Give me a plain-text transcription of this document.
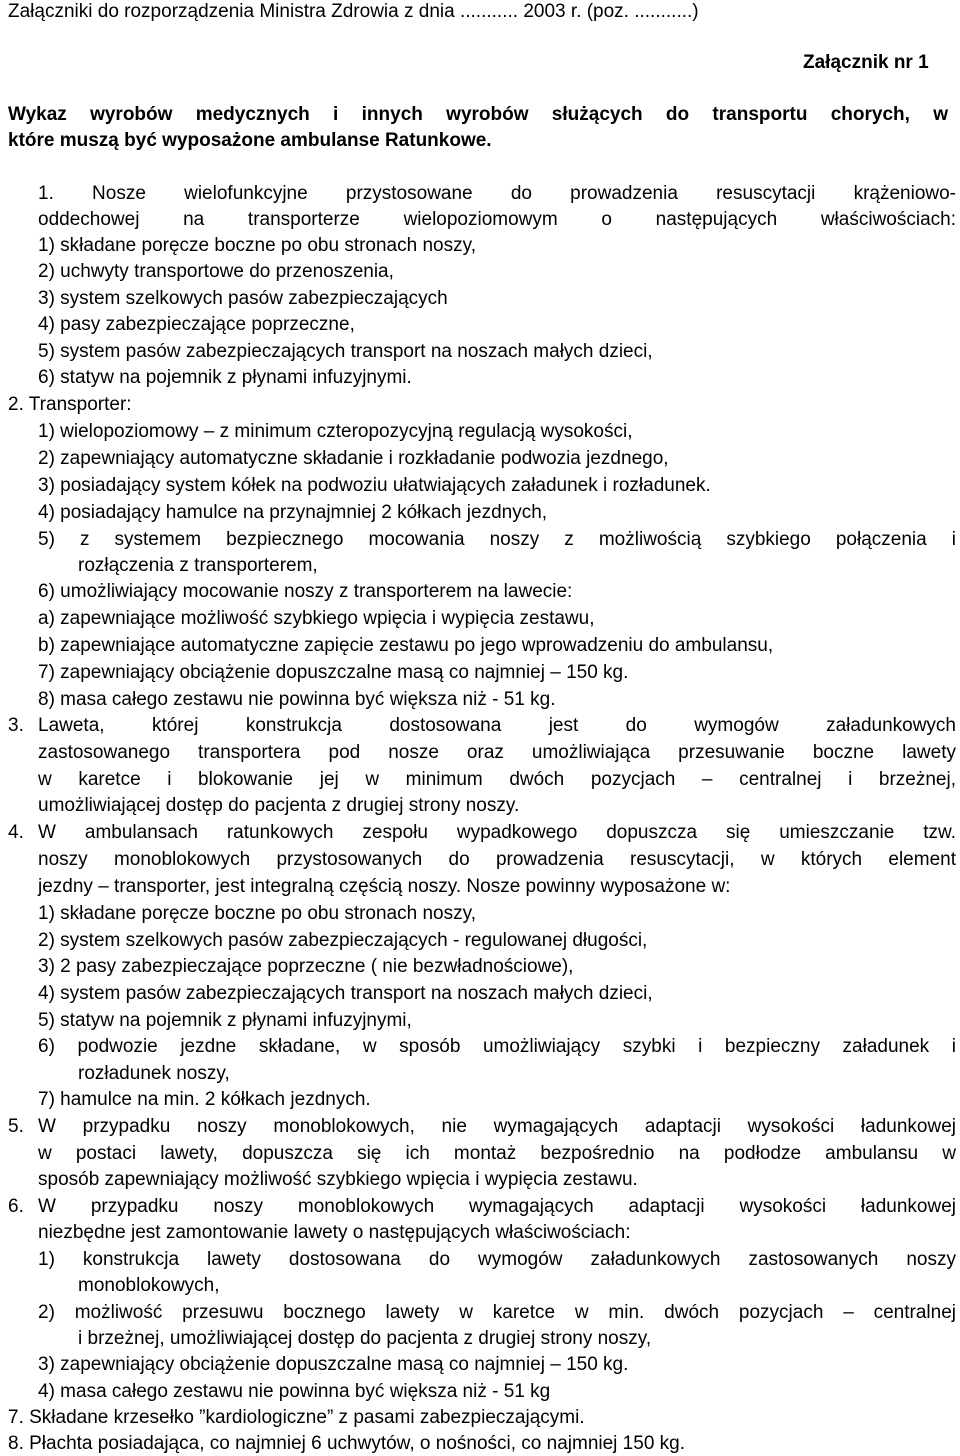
Załączniki do rozporządzenia Ministra Zdrowia z dnia ........... 2003 r. (poz. ...........)
Załącznik nr 1
Wykaz wyrobów medycznych i innych wyrobów służących do transportu chorych, w
które muszą być wyposażone ambulanse Ratunkowe.
1. Nosze wielofunkcyjne przystosowane do prowadzenia resuscytacji krążeniowo-
oddechowej na transporterze wielopoziomowym o następujących właściwościach:
1) składane poręcze boczne po obu stronach noszy,
2) uchwyty transportowe do przenoszenia,
3) system szelkowych pasów zabezpieczających
4) pasy zabezpieczające poprzeczne,
5) system pasów zabezpieczających transport na noszach małych dzieci,
6) statyw na pojemnik z płynami infuzyjnymi.
2. Transporter:
1) wielopoziomowy – z minimum czteropozycyjną regulacją wysokości,
2) zapewniający automatyczne składanie i rozkładanie podwozia jezdnego,
3) posiadający system kółek na podwoziu ułatwiających załadunek i rozładunek.
4) posiadający hamulce na przynajmniej 2 kółkach jezdnych,
5) z systemem bezpiecznego mocowania noszy z możliwością szybkiego połączenia i
rozłączenia z transporterem,
6) umożliwiający mocowanie noszy z transporterem na lawecie:
a) zapewniające możliwość szybkiego wpięcia i wypięcia zestawu,
b) zapewniające automatyczne zapięcie zestawu po jego wprowadzeniu do ambulansu,
7) zapewniający obciążenie dopuszczalne masą co najmniej – 150 kg.
8) masa całego zestawu nie powinna być większa niż - 51 kg.
3. Laweta, której konstrukcja dostosowana jest do wymogów załadunkowych
zastosowanego transportera pod nosze oraz umożliwiająca przesuwanie boczne lawety
w karetce i blokowanie jej w minimum dwóch pozycjach – centralnej i brzeżnej,
umożliwiającej dostęp do pacjenta z drugiej strony noszy.
4. W ambulansach ratunkowych zespołu wypadkowego dopuszcza się umieszczanie tzw.
noszy monoblokowych przystosowanych do prowadzenia resuscytacji, w których element
jezdny – transporter, jest integralną częścią noszy. Nosze powinny wyposażone w:
1) składane poręcze boczne po obu stronach noszy,
2) system szelkowych pasów zabezpieczających - regulowanej długości,
3) 2 pasy zabezpieczające poprzeczne ( nie bezwładnościowe),
4) system pasów zabezpieczających transport na noszach małych dzieci,
5) statyw na pojemnik z płynami infuzyjnymi,
6) podwozie jezdne składane, w sposób umożliwiający szybki i bezpieczny załadunek i
rozładunek noszy,
7) hamulce na min. 2 kółkach jezdnych.
5. W przypadku noszy monoblokowych, nie wymagających adaptacji wysokości ładunkowej
w postaci lawety, dopuszcza się ich montaż bezpośrednio na podłodze ambulansu w
sposób zapewniający możliwość szybkiego wpięcia i wypięcia zestawu.
6. W przypadku noszy monoblokowych wymagających adaptacji wysokości ładunkowej
niezbędne jest zamontowanie lawety o następujących właściwościach:
1) konstrukcja lawety dostosowana do wymogów załadunkowych zastosowanych noszy
monoblokowych,
2) możliwość przesuwu bocznego lawety w karetce w min. dwóch pozycjach – centralnej
i brzeżnej, umożliwiającej dostęp do pacjenta z drugiej strony noszy,
3) zapewniający obciążenie dopuszczalne masą co najmniej – 150 kg.
4) masa całego zestawu nie powinna być większa niż - 51 kg
7. Składane krzesełko ”kardiologiczne” z pasami zabezpieczającymi.
8. Płachta posiadająca, co najmniej 6 uchwytów, o nośności, co najmniej 150 kg.
